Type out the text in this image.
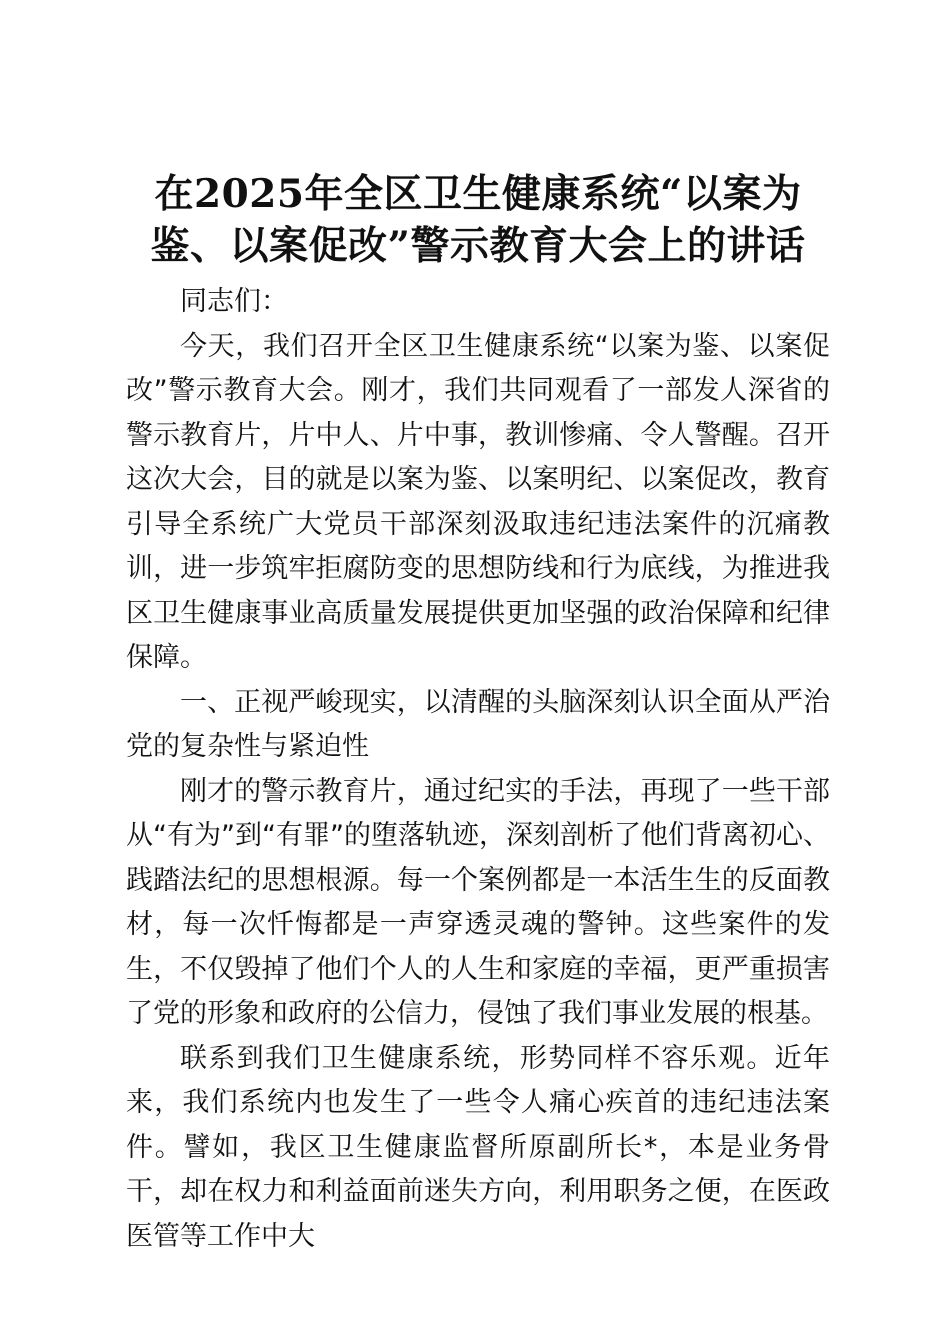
在2025年全区卫生健康系统“以案为
鉴、以案促改”警示教育大会上的讲话

同志们：

今天，我们召开全区卫生健康系统“以案为鉴、以案促改”警示教育大会。刚才，我们共同观看了一部发人深省的警示教育片，片中人、片中事，教训惨痛、令人警醒。召开这次大会，目的就是以案为鉴、以案明纪、以案促改，教育引导全系统广大党员干部深刻汲取违纪违法案件的沉痛教训，进一步筑牢拒腐防变的思想防线和行为底线，为推进我区卫生健康事业高质量发展提供更加坚强的政治保障和纪律保障。

一、正视严峻现实，以清醒的头脑深刻认识全面从严治党的复杂性与紧迫性

刚才的警示教育片，通过纪实的手法，再现了一些干部从“有为”到“有罪”的堕落轨迹，深刻剖析了他们背离初心、践踏法纪的思想根源。每一个案例都是一本活生生的反面教材，每一次忏悔都是一声穿透灵魂的警钟。这些案件的发生，不仅毁掉了他们个人的人生和家庭的幸福，更严重损害了党的形象和政府的公信力，侵蚀了我们事业发展的根基。

联系到我们卫生健康系统，形势同样不容乐观。近年来，我们系统内也发生了一些令人痛心疾首的违纪违法案件。譬如，我区卫生健康监督所原副所长*，本是业务骨干，却在权力和利益面前迷失方向，利用职务之便，在医政医管等工作中大
